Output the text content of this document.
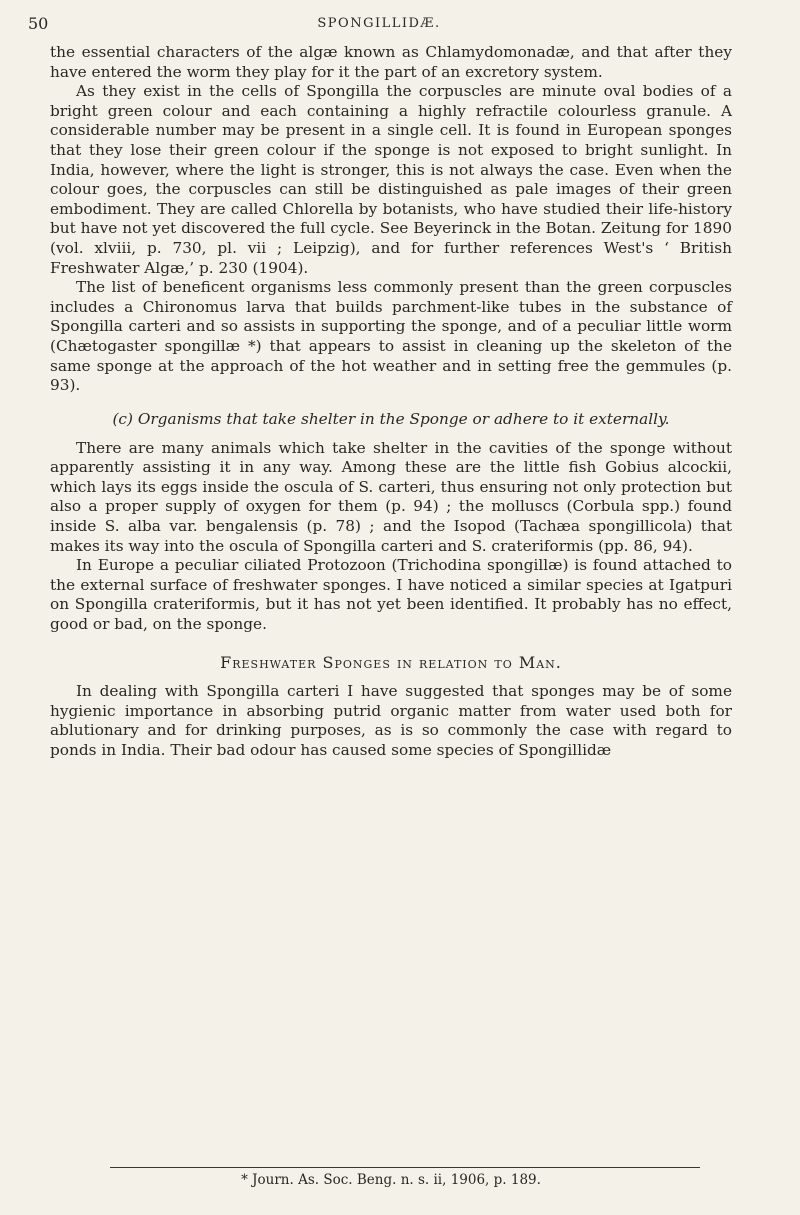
50	SPONGILLIDÆ.

the essential characters of the algæ known as Chlamydomonadæ, and that after they have entered the worm they play for it the part of an excretory system.

As they exist in the cells of Spongilla the corpuscles are minute oval bodies of a bright green colour and each containing a highly refractile colourless granule. A considerable number may be present in a single cell. It is found in European sponges that they lose their green colour if the sponge is not exposed to bright sunlight. In India, however, where the light is stronger, this is not always the case. Even when the colour goes, the corpuscles can still be distinguished as pale images of their green embodiment. They are called Chlorella by botanists, who have studied their life-history but have not yet discovered the full cycle. See Beyerinck in the Botan. Zeitung for 1890 (vol. xlviii, p. 730, pl. vii ; Leipzig), and for further references West's ‘ British Freshwater Algæ,’ p. 230 (1904).

The list of beneficent organisms less commonly present than the green corpuscles includes a Chironomus larva that builds parchment-like tubes in the substance of Spongilla carteri and so assists in supporting the sponge, and of a peculiar little worm (Chætogaster spongillæ *) that appears to assist in cleaning up the skeleton of the same sponge at the approach of the hot weather and in setting free the gemmules (p. 93).

(c) Organisms that take shelter in the Sponge or adhere to it externally.

There are many animals which take shelter in the cavities of the sponge without apparently assisting it in any way. Among these are the little fish Gobius alcockii, which lays its eggs inside the oscula of S. carteri, thus ensuring not only protection but also a proper supply of oxygen for them (p. 94) ; the molluscs (Corbula spp.) found inside S. alba var. bengalensis (p. 78) ; and the Isopod (Tachæa spongillicola) that makes its way into the oscula of Spongilla carteri and S. crateriformis (pp. 86, 94).

In Europe a peculiar ciliated Protozoon (Trichodina spongillæ) is found attached to the external surface of freshwater sponges. I have noticed a similar species at Igatpuri on Spongilla crateriformis, but it has not yet been identified. It probably has no effect, good or bad, on the sponge.

Freshwater Sponges in relation to Man.

In dealing with Spongilla carteri I have suggested that sponges may be of some hygienic importance in absorbing putrid organic matter from water used both for ablutionary and for drinking purposes, as is so commonly the case with regard to ponds in India. Their bad odour has caused some species of Spongillidæ

* Journ. As. Soc. Beng. n. s. ii, 1906, p. 189.
